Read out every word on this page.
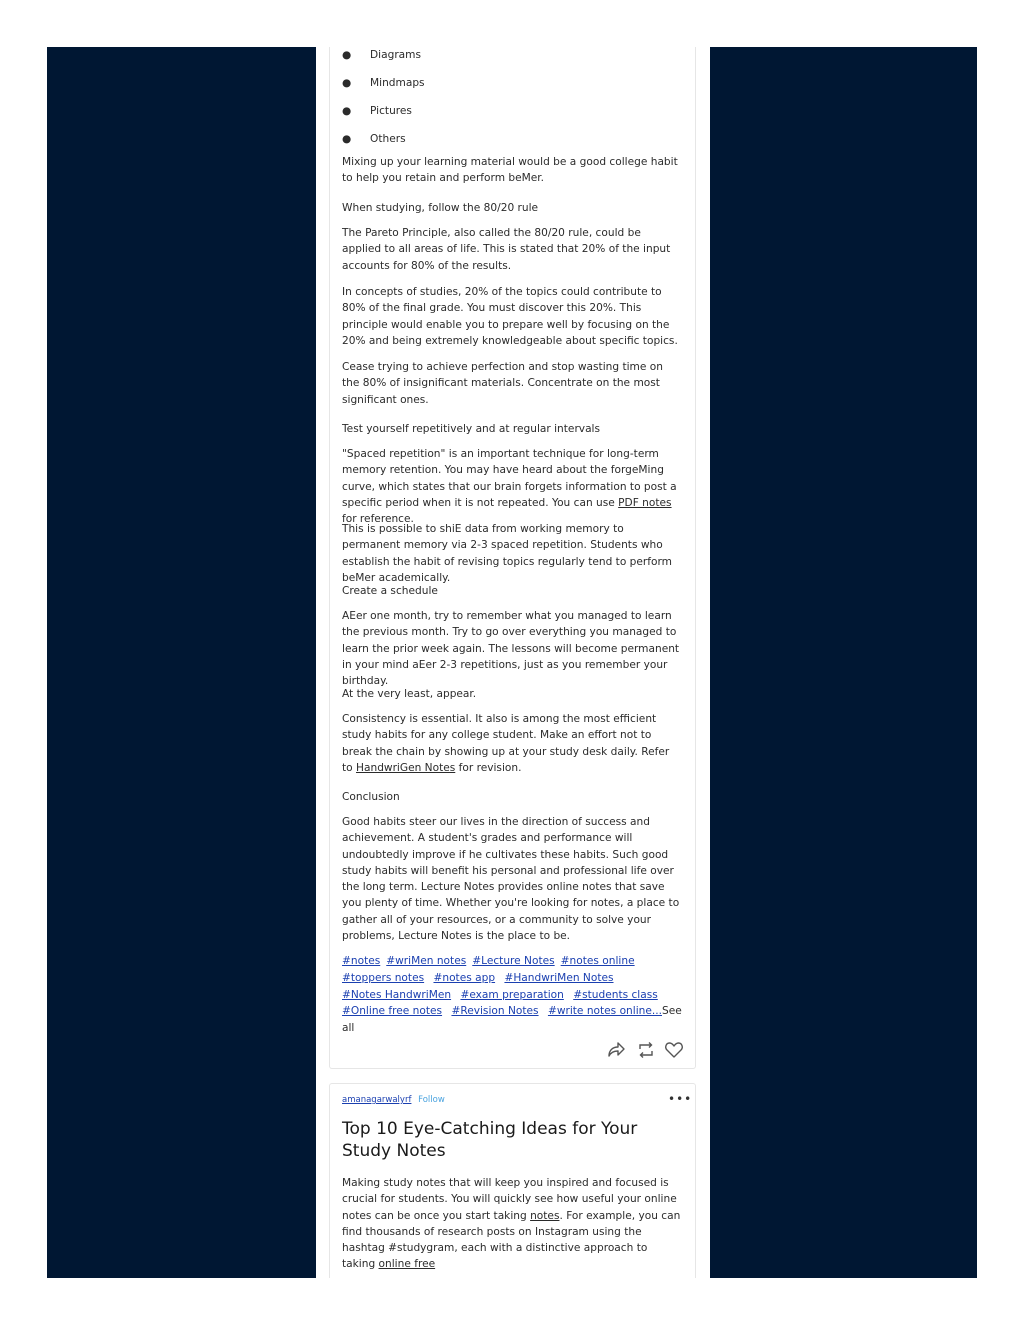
● Diagrams
● Mindmaps
● Pictures
● Others

Mixing up your learning material would be a good college habit to help you retain and perform beMer.

When studying, follow the 80/20 rule

The Pareto Principle, also called the 80/20 rule, could be applied to all areas of life. This is stated that 20% of the input accounts for 80% of the results.

In concepts of studies, 20% of the topics could contribute to 80% of the final grade. You must discover this 20%. This principle would enable you to prepare well by focusing on the 20% and being extremely knowledgeable about specific topics.

Cease trying to achieve perfection and stop wasting time on the 80% of insignificant materials. Concentrate on the most significant ones.

Test yourself repetitively and at regular intervals

"Spaced repetition" is an important technique for long-term memory retention. You may have heard about the forgeMing curve, which states that our brain forgets information to post a specific period when it is not repeated. You can use PDF notes for reference.

This is possible to shiE data from working memory to permanent memory via 2-3 spaced repetition. Students who establish the habit of revising topics regularly tend to perform beMer academically.

Create a schedule

AEer one month, try to remember what you managed to learn the previous month. Try to go over everything you managed to learn the prior week again. The lessons will become permanent in your mind aEer 2-3 repetitions, just as you remember your birthday.

At the very least, appear.

Consistency is essential. It also is among the most efficient study habits for any college student. Make an effort not to break the chain by showing up at your study desk daily. Refer to HandwriGen Notes for revision.

Conclusion

Good habits steer our lives in the direction of success and achievement. A student's grades and performance will undoubtedly improve if he cultivates these habits. Such good study habits will benefit his personal and professional life over the long term. Lecture Notes provides online notes that save you plenty of time. Whether you're looking for notes, a place to gather all of your resources, or a community to solve your problems, Lecture Notes is the place to be.

#notes #wriMen notes #Lecture Notes #notes online
#toppers notes #notes app #HandwriMen Notes
#Notes HandwriMen #exam preparation #students class
#Online free notes #Revision Notes #write notes online...See all
amanagarwalyrf Follow	•••
Top 10 Eye-Catching Ideas for Your Study Notes

Making study notes that will keep you inspired and focused is crucial for students. You will quickly see how useful your online notes can be once you start taking notes. For example, you can find thousands of research posts on Instagram using the hashtag #studygram, each with a distinctive approach to taking online free
